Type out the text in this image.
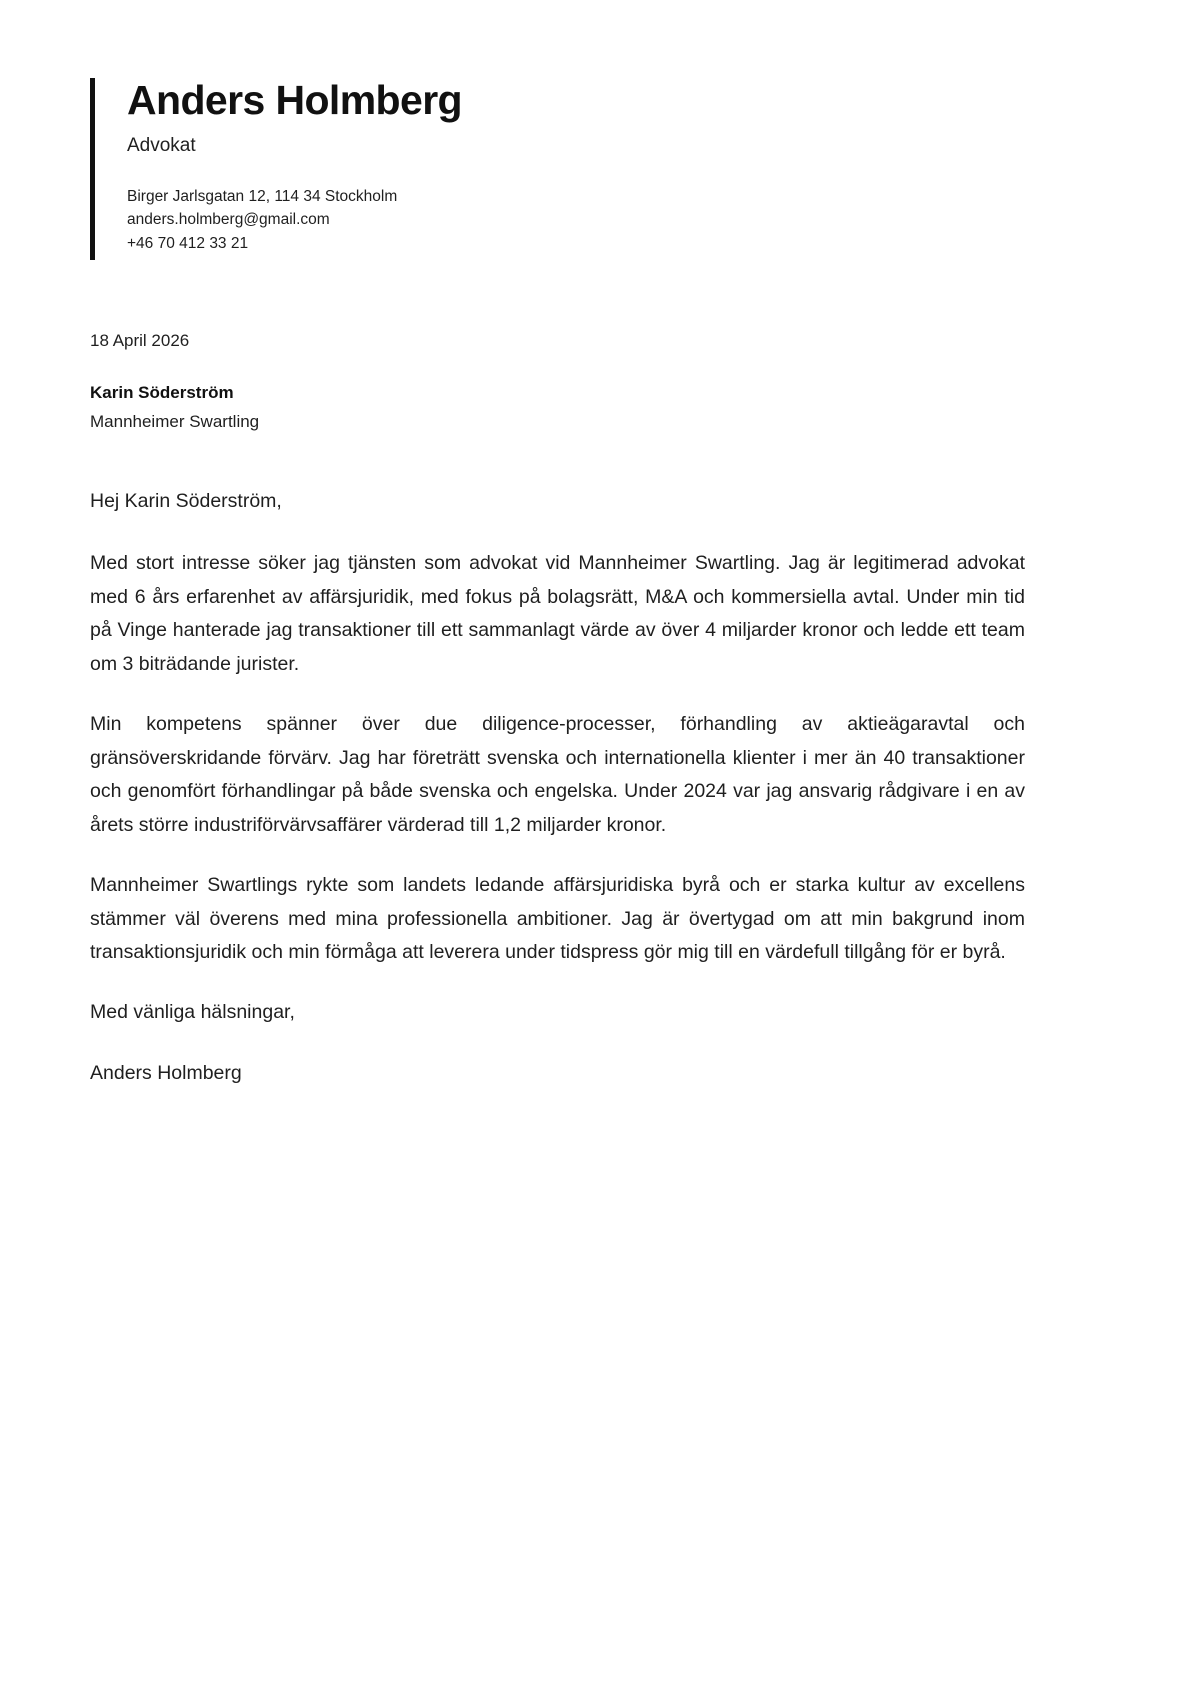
Anders Holmberg
Advokat
Birger Jarlsgatan 12, 114 34 Stockholm
anders.holmberg@gmail.com
+46 70 412 33 21
18 April 2026
Karin Söderström
Mannheimer Swartling
Hej Karin Söderström,

Med stort intresse söker jag tjänsten som advokat vid Mannheimer Swartling. Jag är legitimerad advokat med 6 års erfarenhet av affärsjuridik, med fokus på bolagsrätt, M&A och kommersiella avtal. Under min tid på Vinge hanterade jag transaktioner till ett sammanlagt värde av över 4 miljarder kronor och ledde ett team om 3 biträdande jurister.

Min kompetens spänner över due diligence-processer, förhandling av aktieägaravtal och gränsöverskridande förvärv. Jag har företrätt svenska och internationella klienter i mer än 40 transaktioner och genomfört förhandlingar på både svenska och engelska. Under 2024 var jag ansvarig rådgivare i en av årets större industriförvärvsaffärer värderad till 1,2 miljarder kronor.

Mannheimer Swartlings rykte som landets ledande affärsjuridiska byrå och er starka kultur av excellens stämmer väl överens med mina professionella ambitioner. Jag är övertygad om att min bakgrund inom transaktionsjuridik och min förmåga att leverera under tidspress gör mig till en värdefull tillgång för er byrå.

Med vänliga hälsningar,
Anders Holmberg
